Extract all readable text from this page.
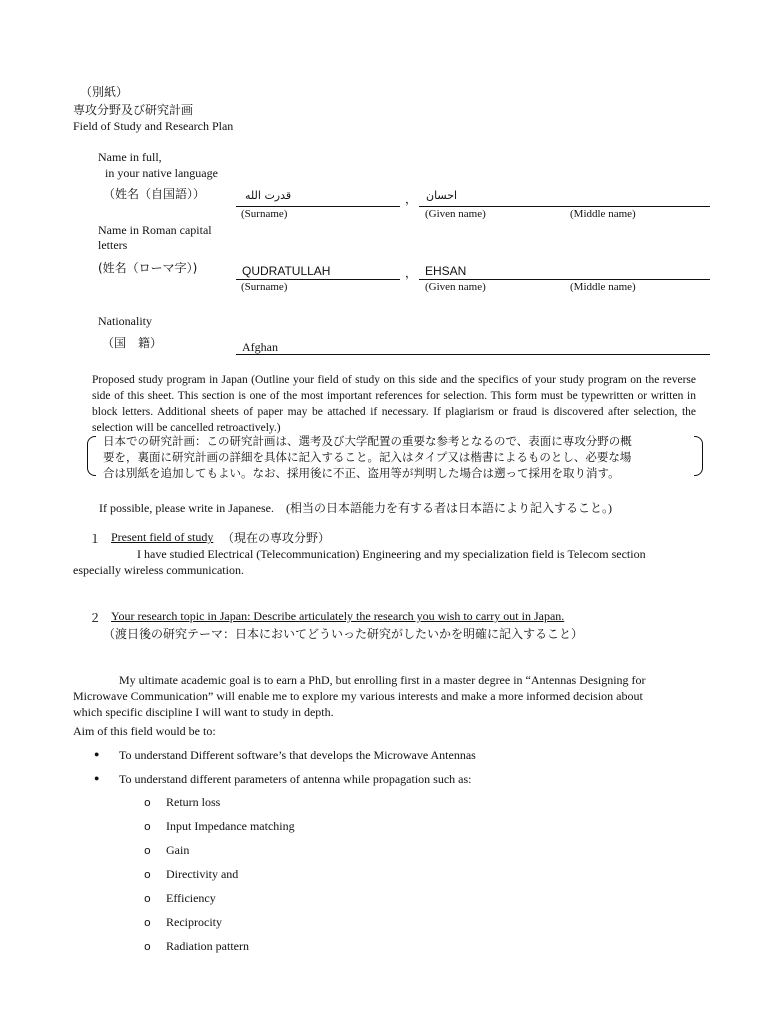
（別紙）
専攻分野及び研究計画
Field of Study and Research Plan
Name in full,
in your native language
（姓名（自国語））	قدرت الله	， احسان
(Surname)	(Given name)	(Middle name)
Name in Roman capital
letters
(姓名（ローマ字）)	QUDRATULLAH	， EHSAN
(Surname)	(Given name)	(Middle name)
Nationality
（国　籍）	Afghan
Proposed study program in Japan (Outline your field of study on this side and the specifics of your study program on the reverse side of this sheet. This section is one of the most important references for selection. This form must be typewritten or written in block letters. Additional sheets of paper may be attached if necessary. If plagiarism or fraud is discovered after selection, the selection will be cancelled retroactively.)
日本での研究計画：この研究計画は、選考及び大学配置の重要な参考となるので、表面に専攻分野の概
要を，裏面に研究計画の詳細を具体に記入すること。記入はタイプ又は楷書によるものとし、必要な場
合は別紙を追加してもよい。なお、採用後に不正、盗用等が判明した場合は遡って採用を取り消す。
If possible, please write in Japanese.　(相当の日本語能力を有する者は日本語により記入すること。)
１ Present field of study （現在の専攻分野）
I have studied Electrical (Telecommunication) Engineering and my specialization field is Telecom section
especially wireless communication.
２ Your research topic in Japan: Describe articulately the research you wish to carry out in Japan.
（渡日後の研究テーマ：日本においてどういった研究がしたいかを明確に記入すること）
My ultimate academic goal is to earn a PhD, but enrolling first in a master degree in “Antennas Designing for
Microwave Communication” will enable me to explore my various interests and make a more informed decision about
which specific discipline I will want to study in depth.
Aim of this field would be to:
● To understand Different software’s that develops the Microwave Antennas
● To understand different parameters of antenna while propagation such as:
o Return loss
o Input Impedance matching
o Gain
o Directivity and
o Efficiency
o Reciprocity
o Radiation pattern
